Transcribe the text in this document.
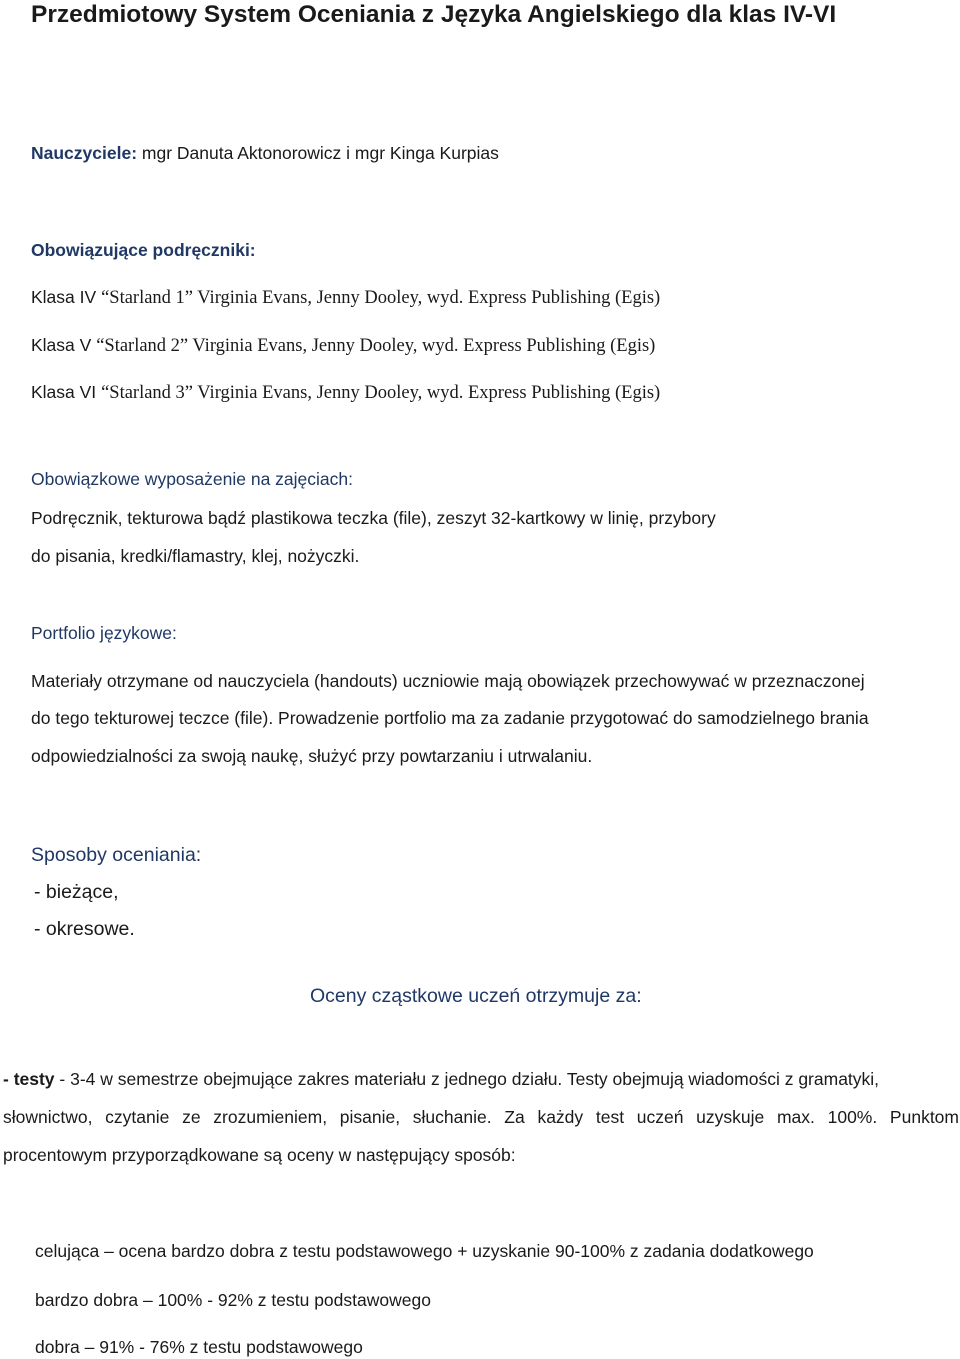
Przedmiotowy System Oceniania z Języka Angielskiego dla klas IV-VI
Nauczyciele: mgr Danuta Aktonorowicz i mgr Kinga Kurpias
Obowiązujące podręczniki:
Klasa IV “Starland 1” Virginia Evans, Jenny Dooley, wyd. Express Publishing (Egis)
Klasa V “Starland 2” Virginia Evans, Jenny Dooley, wyd. Express Publishing (Egis)
Klasa VI “Starland 3” Virginia Evans, Jenny Dooley, wyd. Express Publishing (Egis)
Obowiązkowe wyposażenie na zajęciach:
Podręcznik, tekturowa bądź plastikowa teczka (file), zeszyt 32-kartkowy w linię, przybory
do pisania, kredki/flamastry, klej, nożyczki.
Portfolio językowe:
Materiały otrzymane od nauczyciela (handouts) uczniowie mają obowiązek przechowywać w przeznaczonej
do tego tekturowej teczce (file). Prowadzenie portfolio ma za zadanie przygotować do samodzielnego brania
odpowiedzialności za swoją naukę, służyć przy powtarzaniu i utrwalaniu.
Sposoby oceniania:
- bieżące,
- okresowe.
Oceny cząstkowe uczeń otrzymuje za:
- testy - 3-4 w semestrze obejmujące zakres materiału z jednego działu. Testy obejmują wiadomości z gramatyki,
słownictwo, czytanie ze zrozumieniem, pisanie, słuchanie. Za każdy test uczeń uzyskuje max. 100%. Punktom
procentowym przyporządkowane są oceny w następujący sposób:
celująca – ocena bardzo dobra z testu podstawowego + uzyskanie 90-100% z zadania dodatkowego
bardzo dobra – 100% - 92% z testu podstawowego
dobra – 91% - 76% z testu podstawowego
